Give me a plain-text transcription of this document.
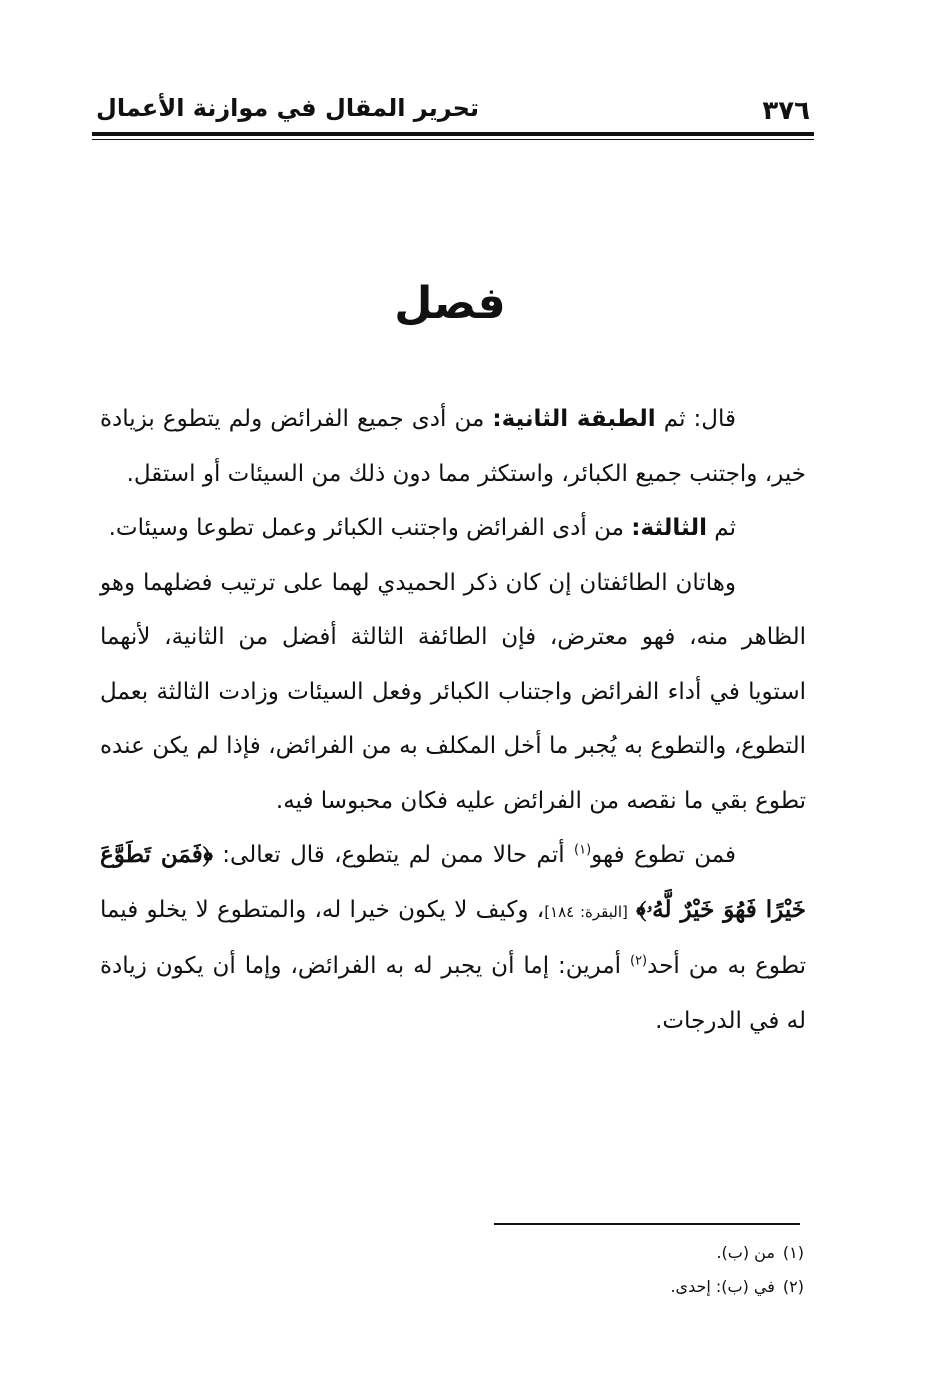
٣٧٦
تحرير المقال في موازنة الأعمال
فصل

قال: ثم الطبقة الثانية: من أدى جميع الفرائض ولم يتطوع بزيادة خير، واجتنب جميع الكبائر، واستكثر مما دون ذلك من السيئات أو استقل.

ثم الثالثة: من أدى الفرائض واجتنب الكبائر وعمل تطوعا وسيئات.

وهاتان الطائفتان إن كان ذكر الحميدي لهما على ترتيب فضلهما وهو الظاهر منه، فهو معترض، فإن الطائفة الثالثة أفضل من الثانية، لأنهما استويا في أداء الفرائض واجتناب الكبائر وفعل السيئات وزادت الثالثة بعمل التطوع، والتطوع به يُجبر ما أخل المكلف به من الفرائض، فإذا لم يكن عنده تطوع بقي ما نقصه من الفرائض عليه فكان محبوسا فيه.

فمن تطوع فهو$^{(١)}$ أتم حالا ممن لم يتطوع، قال تعالى: ﴿فَمَن تَطَوَّعَ خَيْرًا فَهُوَ خَيْرٌ لَّهُۥ﴾ [البقرة: ١٨٤]، وكيف لا يكون خيرا له، والمتطوع لا يخلو فيما تطوع به من أحد$^{(٢)}$ أمرين: إما أن يجبر له به الفرائض، وإما أن يكون زيادة له في الدرجات.

(١)من (ب).

(٢)في (ب): إحدى.
